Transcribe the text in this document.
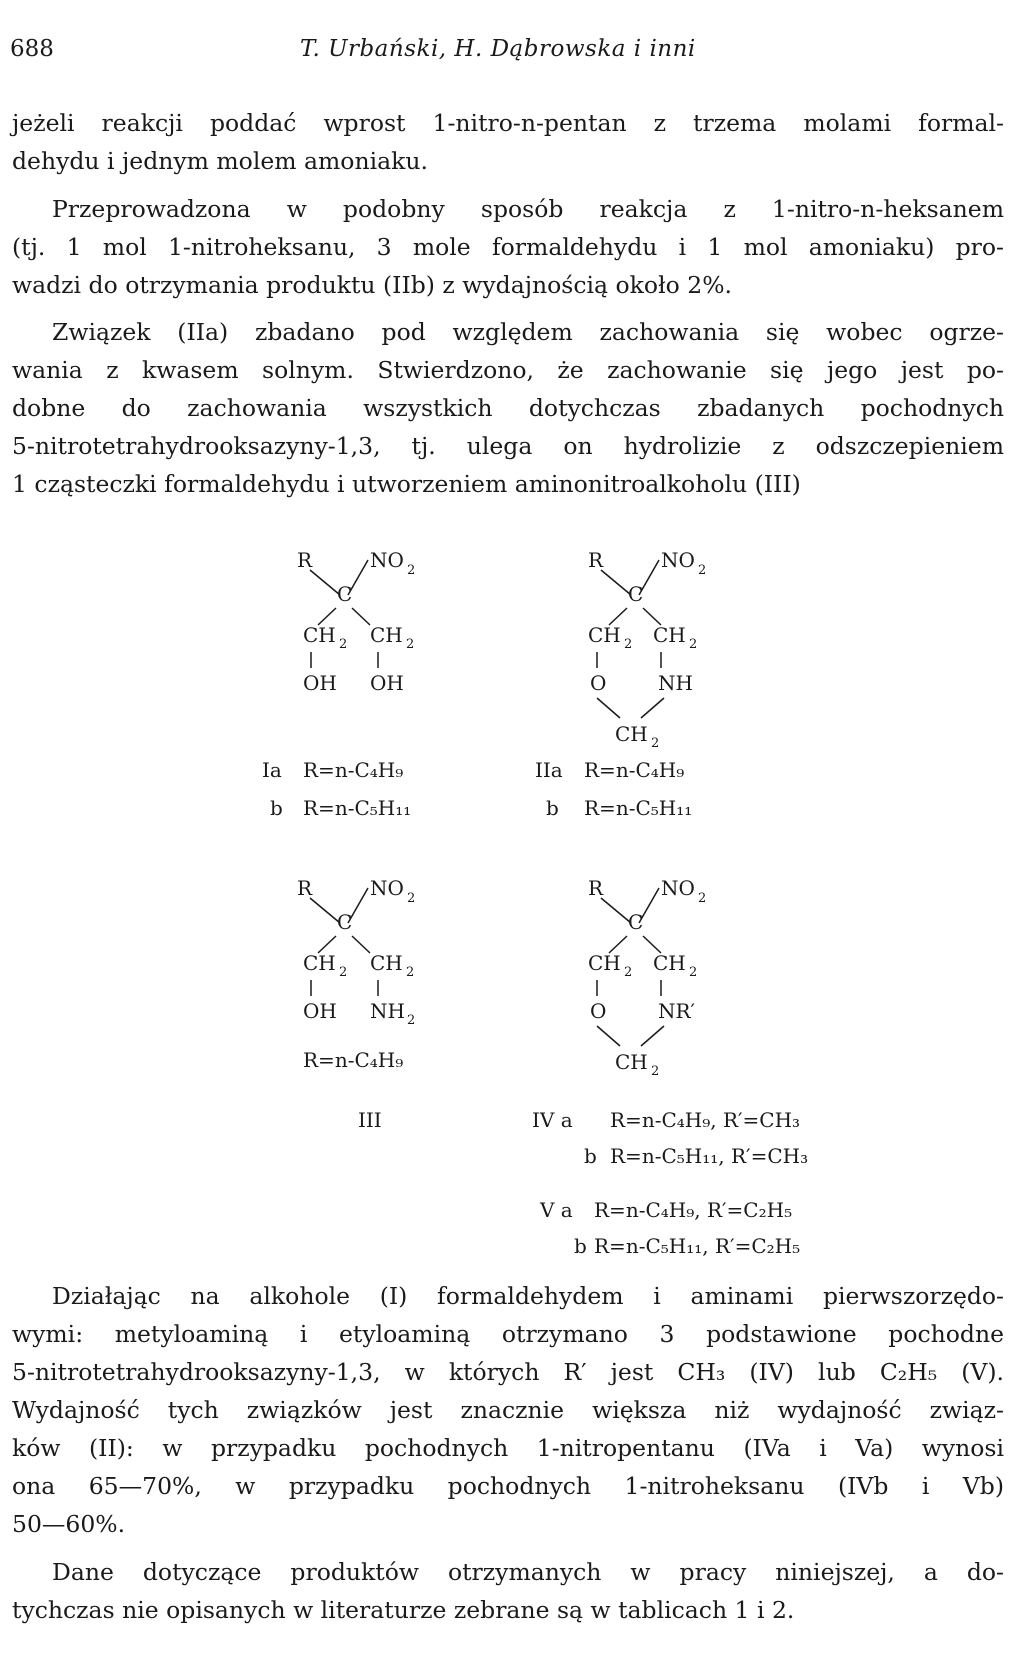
688	T. Urbański, H. Dąbrowska i inni
jeżeli reakcji poddać wprost 1-nitro-n-pentan z trzema molami formal-
dehydu i jednym molem amoniaku.
Przeprowadzona w podobny sposób reakcja z 1-nitro-n-heksanem
(tj. 1 mol 1-nitroheksanu, 3 mole formaldehydu i 1 mol amoniaku) pro-
wadzi do otrzymania produktu (IIb) z wydajnością około 2%.
Związek (IIa) zbadano pod względem zachowania się wobec ogrze-
wania z kwasem solnym. Stwierdzono, że zachowanie się jego jest po-
dobne do zachowania wszystkich dotychczas zbadanych pochodnych
5-nitrotetrahydrooksazyny-1,3, tj. ulega on hydrolizie z odszczepieniem
1 cząsteczki formaldehydu i utworzeniem aminonitroalkoholu (III)
R	NO 2
C
CH 2 CH 2
OH OH
R	NO 2
C
CH 2 CH 2
O	NH
CH 2
R	NO 2
C
CH 2 CH 2
OH NH 2
R	NO 2
C
CH 2 CH 2
O	NR′
CH 2
Ia R=n-C₄H₉
b R=n-C₅H₁₁
IIa R=n-C₄H₉
b R=n-C₅H₁₁
R=n-C₄H₉
III	IV a R=n-C₄H₉, R′=CH₃
b R=n-C₅H₁₁, R′=CH₃
V a R=n-C₄H₉, R′=C₂H₅
b R=n-C₅H₁₁, R′=C₂H₅
Działając na alkohole (I) formaldehydem i aminami pierwszorzędo-
wymi: metyloaminą i etyloaminą otrzymano 3 podstawione pochodne
5-nitrotetrahydrooksazyny-1,3, w których R′ jest CH₃ (IV) lub C₂H₅ (V).
Wydajność tych związków jest znacznie większa niż wydajność związ-
ków (II): w przypadku pochodnych 1-nitropentanu (IVa i Va) wynosi
ona 65—70%, w przypadku pochodnych 1-nitroheksanu (IVb i Vb)
50—60%.
Dane dotyczące produktów otrzymanych w pracy niniejszej, a do-
tychczas nie opisanych w literaturze zebrane są w tablicach 1 i 2.
